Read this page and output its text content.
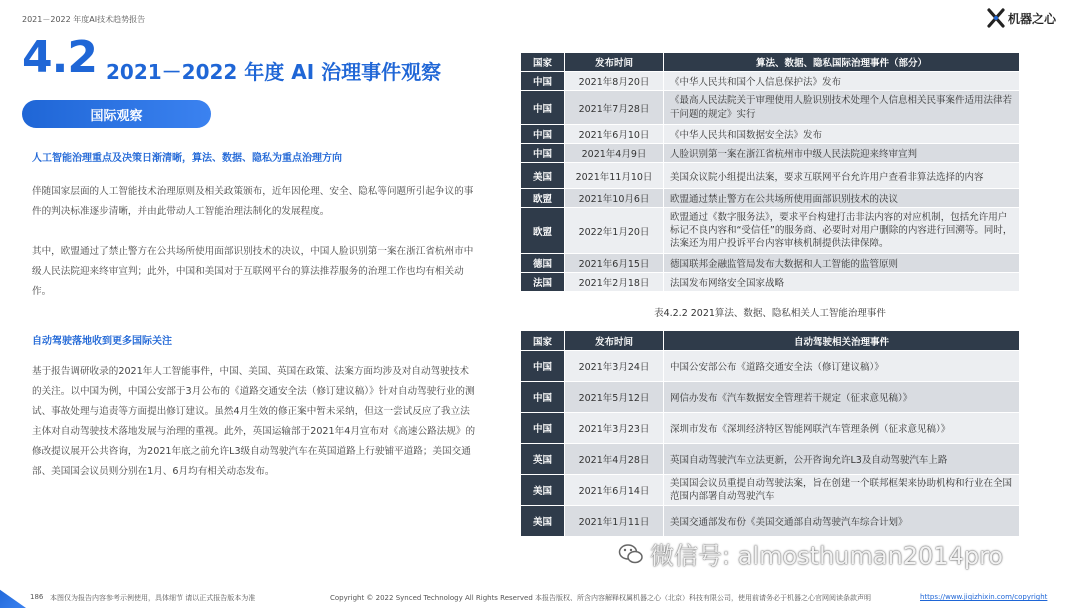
2021－2022 年度AI技术趋势报告	机器之心
4.2 2021－2022 年度 AI 治理事件观察
国际观察
人工智能治理重点及决策日渐清晰，算法、数据、隐私为重点治理方向
伴随国家层面的人工智能技术治理原则及相关政策颁布，近年因伦理、安全、隐私等问题所引起争议的事件的判决标准逐步清晰，并由此带动人工智能治理法制化的发展程度。
其中，欧盟通过了禁止警方在公共场所使用面部识别技术的决议，中国人脸识别第一案在浙江省杭州市中级人民法院迎来终审宣判；此外，中国和美国对于互联网平台的算法推荐服务的治理工作也均有相关动作。
自动驾驶落地收到更多国际关注
基于报告调研收录的2021年人工智能事件，中国、美国、英国在政策、法案方面均涉及对自动驾驶技术的关注。以中国为例，中国公安部于3月公布的《道路交通安全法（修订建议稿）》针对自动驾驶行业的测试、事故处理与追责等方面提出修订建议。虽然4月生效的修正案中暂未采纳，但这一尝试反应了我立法主体对自动驾驶技术落地发展与治理的重视。此外，英国运输部于2021年4月宣布对《高速公路法规》的修改提议展开公共咨询，为2021年底之前允许L3级自动驾驶汽车在英国道路上行驶铺平道路；美国交通部、美国国会议员则分别在1月、6月均有相关动态发布。
国家	发布时间	算法、数据、隐私国际治理事件（部分）
中国	2021年8月20日	《中华人民共和国个人信息保护法》发布
中国	2021年7月28日	《最高人民法院关于审理使用人脸识别技术处理个人信息相关民事案件适用法律若干问题的规定》实行
中国	2021年6月10日	《中华人民共和国数据安全法》发布
中国	2021年4月9日	人脸识别第一案在浙江省杭州市中级人民法院迎来终审宣判
美国	2021年11月10日	美国众议院小组提出法案，要求互联网平台允许用户查看非算法选择的内容
欧盟	2021年10月6日	欧盟通过禁止警方在公共场所使用面部识别技术的决议
欧盟	2022年1月20日	欧盟通过《数字服务法》，要求平台构建打击非法内容的对应机制，包括允许用户标记不良内容和“受信任”的服务商、必要时对用户删除的内容进行回溯等。同时，法案还为用户投诉平台内容审核机制提供法律保障。
德国	2021年6月15日	德国联邦金融监管局发布大数据和人工智能的监管原则
法国	2021年2月18日	法国发布网络安全国家战略
表4.2.2 2021算法、数据、隐私相关人工智能治理事件
国家	发布时间	自动驾驶相关治理事件
中国	2021年3月24日	中国公安部公布《道路交通安全法（修订建议稿）》
中国	2021年5月12日	网信办发布《汽车数据安全管理若干规定（征求意见稿）》
中国	2021年3月23日	深圳市发布《深圳经济特区智能网联汽车管理条例（征求意见稿）》
英国	2021年4月28日	英国自动驾驶汽车立法更新，公开咨询允许L3及自动驾驶汽车上路
美国	2021年6月14日	美国国会议员重提自动驾驶法案，旨在创建一个联邦框架来协助机构和行业在全国范围内部署自动驾驶汽车
美国	2021年1月11日	美国交通部发布份《美国交通部自动驾驶汽车综合计划》
微信号: almosthuman2014pro
186 本图仅为报告内容参考示例使用，具体细节 请以正式报告版本为准	Copyright © 2022 Synced Technology All Rights Reserved 本报告版权、所含内容解释权属机器之心（北京）科技有限公司，使用前请务必于机器之心官网阅读条款声明	https://www.jiqizhixin.com/copyright
